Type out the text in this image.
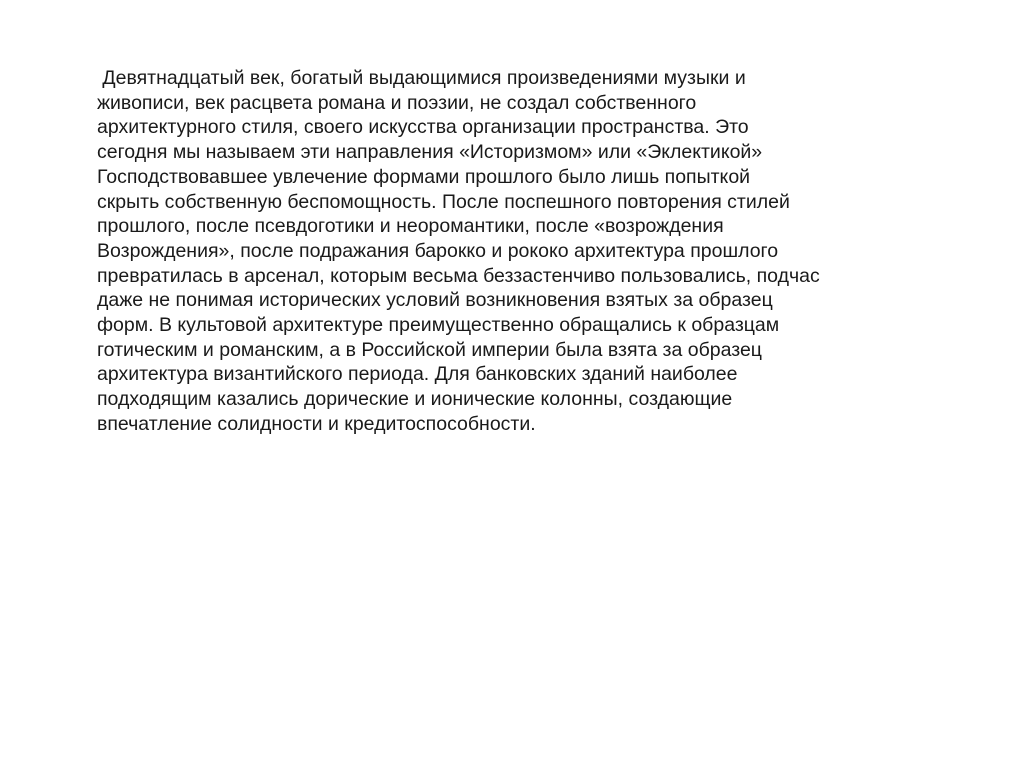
Девятнадцатый век, богатый выдающимися произведениями музыки и
живописи, век расцвета романа и поэзии, не создал собственного
архитектурного стиля, своего искусства организации пространства. Это
сегодня мы называем эти направления «Историзмом» или «Эклектикой»
Господствовавшее увлечение формами прошлого было лишь попыткой
скрыть собственную беспомощность. После поспешного повторения стилей
прошлого, после псевдоготики и неоромантики, после «возрождения
Возрождения», после подражания барокко и рококо архитектура прошлого
превратилась в арсенал, которым весьма беззастенчиво пользовались, подчас
даже не понимая исторических условий возникновения взятых за образец
форм. В культовой архитектуре преимущественно обращались к образцам
готическим и романским, а в Российской империи была взята за образец
архитектура византийского периода. Для банковских зданий наиболее
подходящим казались дорические и ионические колонны, создающие
впечатление солидности и кредитоспособности.
